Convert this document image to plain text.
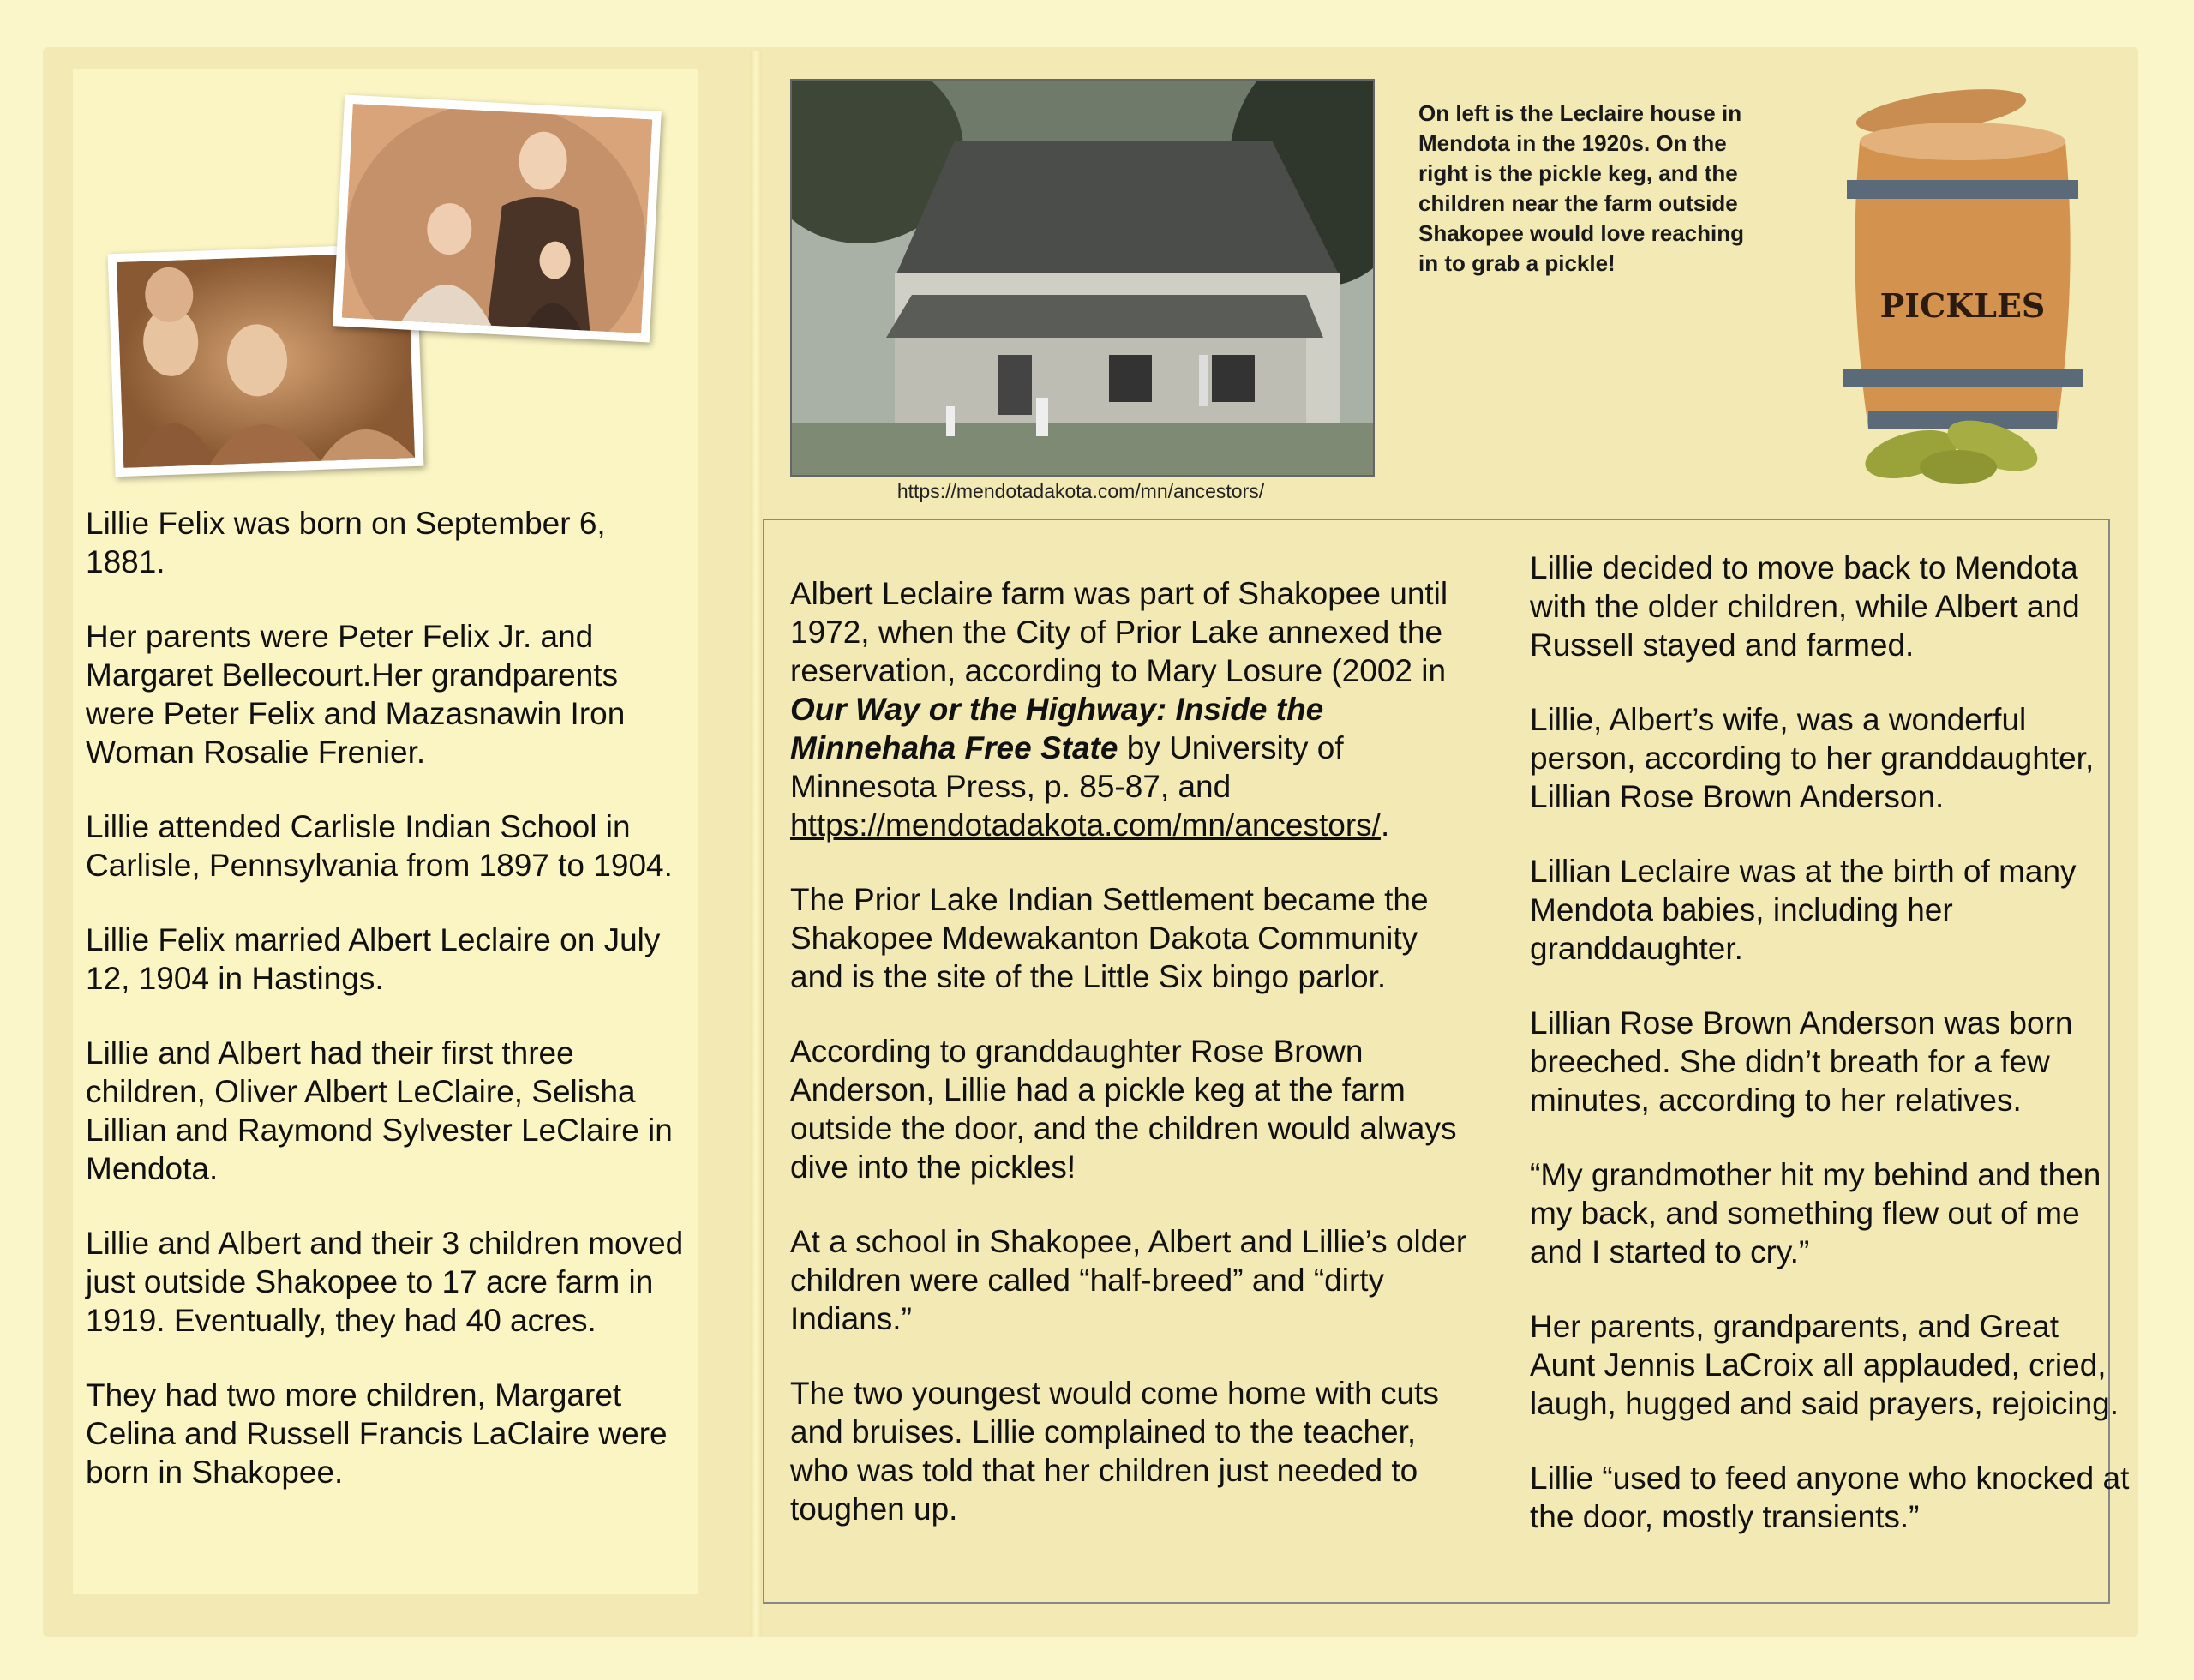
Lillie Felix was born on September 6, 1881.

Her parents were Peter Felix Jr. and Margaret Bellecourt.Her grandparents were Peter Felix and Mazasnawin Iron Woman Rosalie Frenier.

Lillie attended Carlisle Indian School in Carlisle, Pennsylvania from 1897 to 1904.

Lillie Felix married Albert Leclaire on July 12, 1904 in Hastings.

Lillie and Albert had their first three children, Oliver Albert LeClaire, Selisha Lillian and Raymond Sylvester LeClaire in Mendota.

Lillie and Albert and their 3 children moved just outside Shakopee to 17 acre farm in 1919. Eventually, they had 40 acres.

They had two more children, Margaret Celina and Russell Francis LaClaire were born in Shakopee.

https://mendotadakota.com/mn/ancestors/
On left is the Leclaire house in Mendota in the 1920s. On the right is the pickle keg, and the children near the farm outside Shakopee would love reaching in to grab a pickle!
PICKLES

Albert Leclaire farm was part of Shakopee until 1972, when the City of Prior Lake annexed the reservation, according to Mary Losure (2002 in Our Way or the Highway: Inside the Minnehaha Free State by University of Minnesota Press, p. 85-87, and https://mendotadakota.com/mn/ancestors/.

The Prior Lake Indian Settlement became the Shakopee Mdewakanton Dakota Community and is the site of the Little Six bingo parlor.

According to granddaughter Rose Brown Anderson, Lillie had a pickle keg at the farm outside the door, and the children would always dive into the pickles!

At a school in Shakopee, Albert and Lillie’s older children were called “half-breed” and “dirty Indians.”

The two youngest would come home with cuts and bruises. Lillie complained to the teacher, who was told that her children just needed to toughen up.

Lillie decided to move back to Mendota with the older children, while Albert and Russell stayed and farmed.

Lillie, Albert’s wife, was a wonderful person, according to her granddaughter, Lillian Rose Brown Anderson.

Lillian Leclaire was at the birth of many Mendota babies, including her granddaughter.

Lillian Rose Brown Anderson was born breeched. She didn’t breath for a few minutes, according to her relatives.

“My grandmother hit my behind and then my back, and something flew out of me and I started to cry.”

Her parents, grandparents, and Great Aunt Jennis LaCroix all applauded, cried, laugh, hugged and said prayers, rejoicing.

Lillie “used to feed anyone who knocked at the door, mostly transients.”
